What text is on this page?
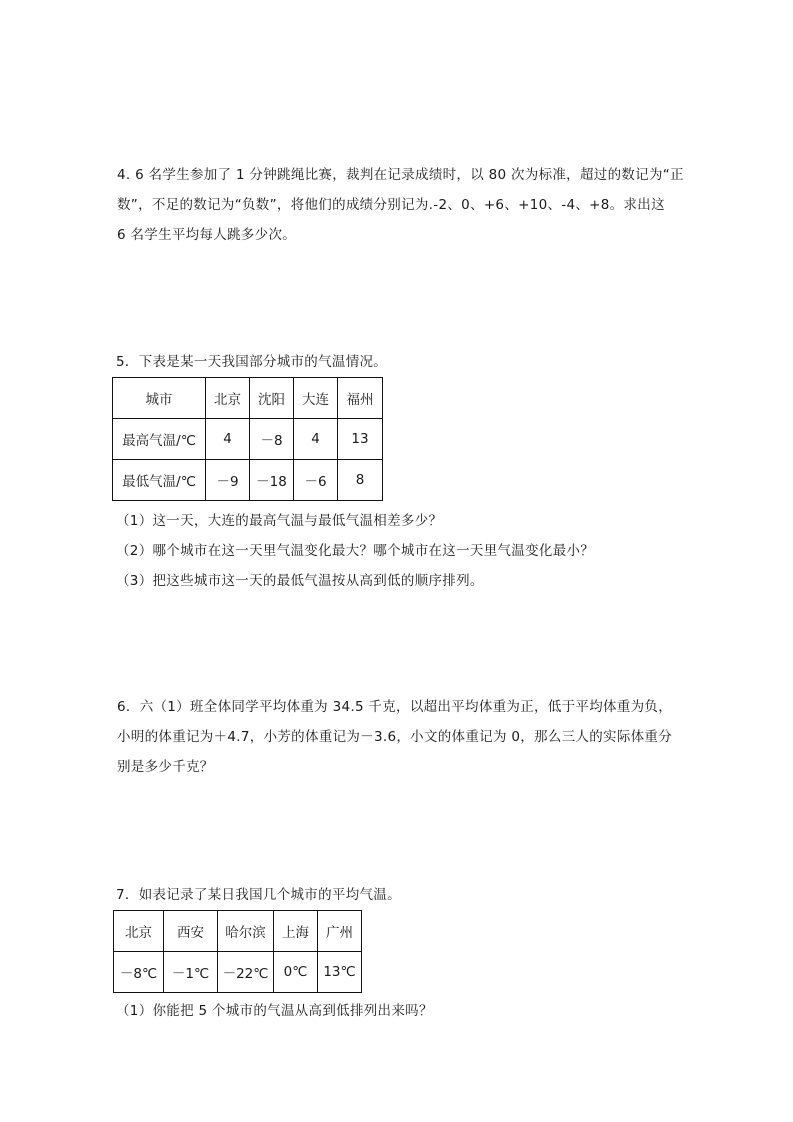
4. 6 名学生参加了 1 分钟跳绳比赛，裁判在记录成绩时，以 80 次为标准，超过的数记为“正
数”，不足的数记为“负数”，将他们的成绩分别记为.-2、0、+6、+10、-4、+8。求出这
6 名学生平均每人跳多少次。
5．下表是某一天我国部分城市的气温情况。
城市	北京	沈阳	大连	福州
最高气温/℃	4	－8	4	13
最低气温/℃	－9	－18	－6	8
（1）这一天，大连的最高气温与最低气温相差多少？
（2）哪个城市在这一天里气温变化最大？哪个城市在这一天里气温变化最小？
（3）把这些城市这一天的最低气温按从高到低的顺序排列。
6．六（1）班全体同学平均体重为 34.5 千克，以超出平均体重为正，低于平均体重为负，
小明的体重记为＋4.7，小芳的体重记为－3.6，小文的体重记为 0，那么三人的实际体重分
别是多少千克？
7．如表记录了某日我国几个城市的平均气温。
北京	西安	哈尔滨	上海	广州
－8℃	－1℃	－22℃	0℃	13℃
（1）你能把 5 个城市的气温从高到低排列出来吗？
